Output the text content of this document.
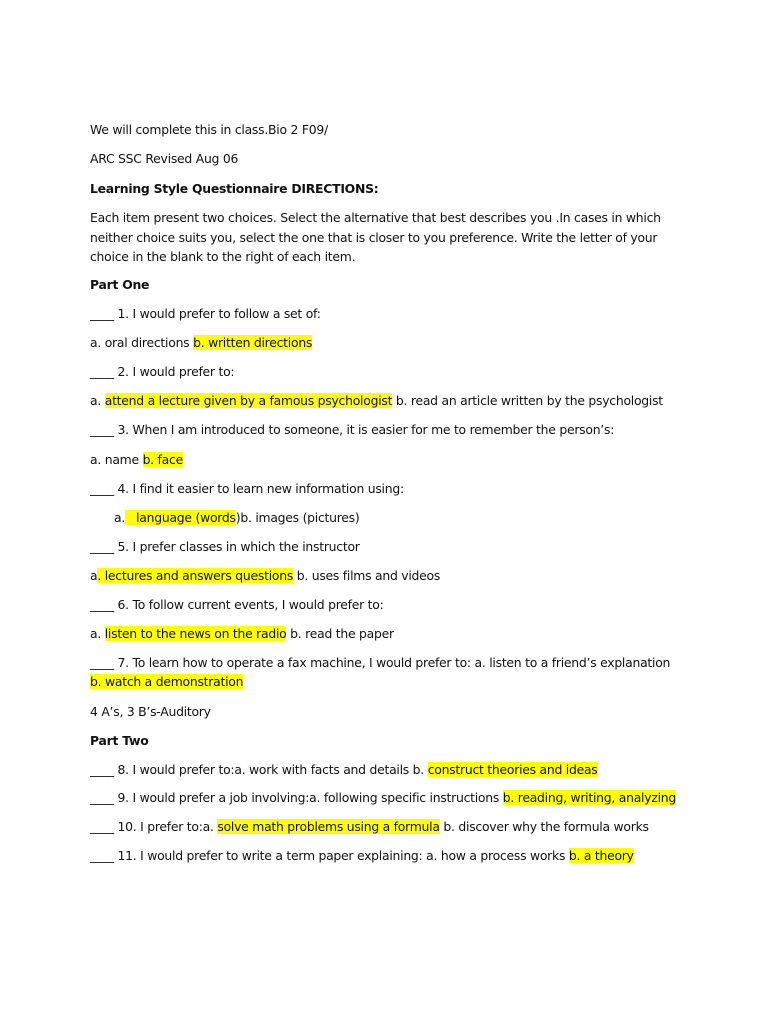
We will complete this in class.Bio 2 F09/
ARC SSC Revised Aug 06
Learning Style Questionnaire DIRECTIONS:
Each item present two choices. Select the alternative that best describes you .In cases in which neither choice suits you, select the one that is closer to you preference. Write the letter of your choice in the blank to the right of each item.
Part One
____ 1. I would prefer to follow a set of:
a. oral directions b. written directions
____ 2. I would prefer to:
a. attend a lecture given by a famous psychologist b. read an article written by the psychologist
____ 3. When I am introduced to someone, it is easier for me to remember the person’s:
a. name b. face
____ 4. I find it easier to learn new information using:
a.   language (words)b. images (pictures)
____ 5. I prefer classes in which the instructor
a. lectures and answers questions b. uses films and videos
____ 6. To follow current events, I would prefer to:
a. listen to the news on the radio b. read the paper
____ 7. To learn how to operate a fax machine, I would prefer to: a. listen to a friend’s explanation
b. watch a demonstration
4 A’s, 3 B’s-Auditory
Part Two
____ 8. I would prefer to:a. work with facts and details b. construct theories and ideas
____ 9. I would prefer a job involving:a. following specific instructions b. reading, writing, analyzing
____ 10. I prefer to:a. solve math problems using a formula b. discover why the formula works
____ 11. I would prefer to write a term paper explaining: a. how a process works b. a theory
